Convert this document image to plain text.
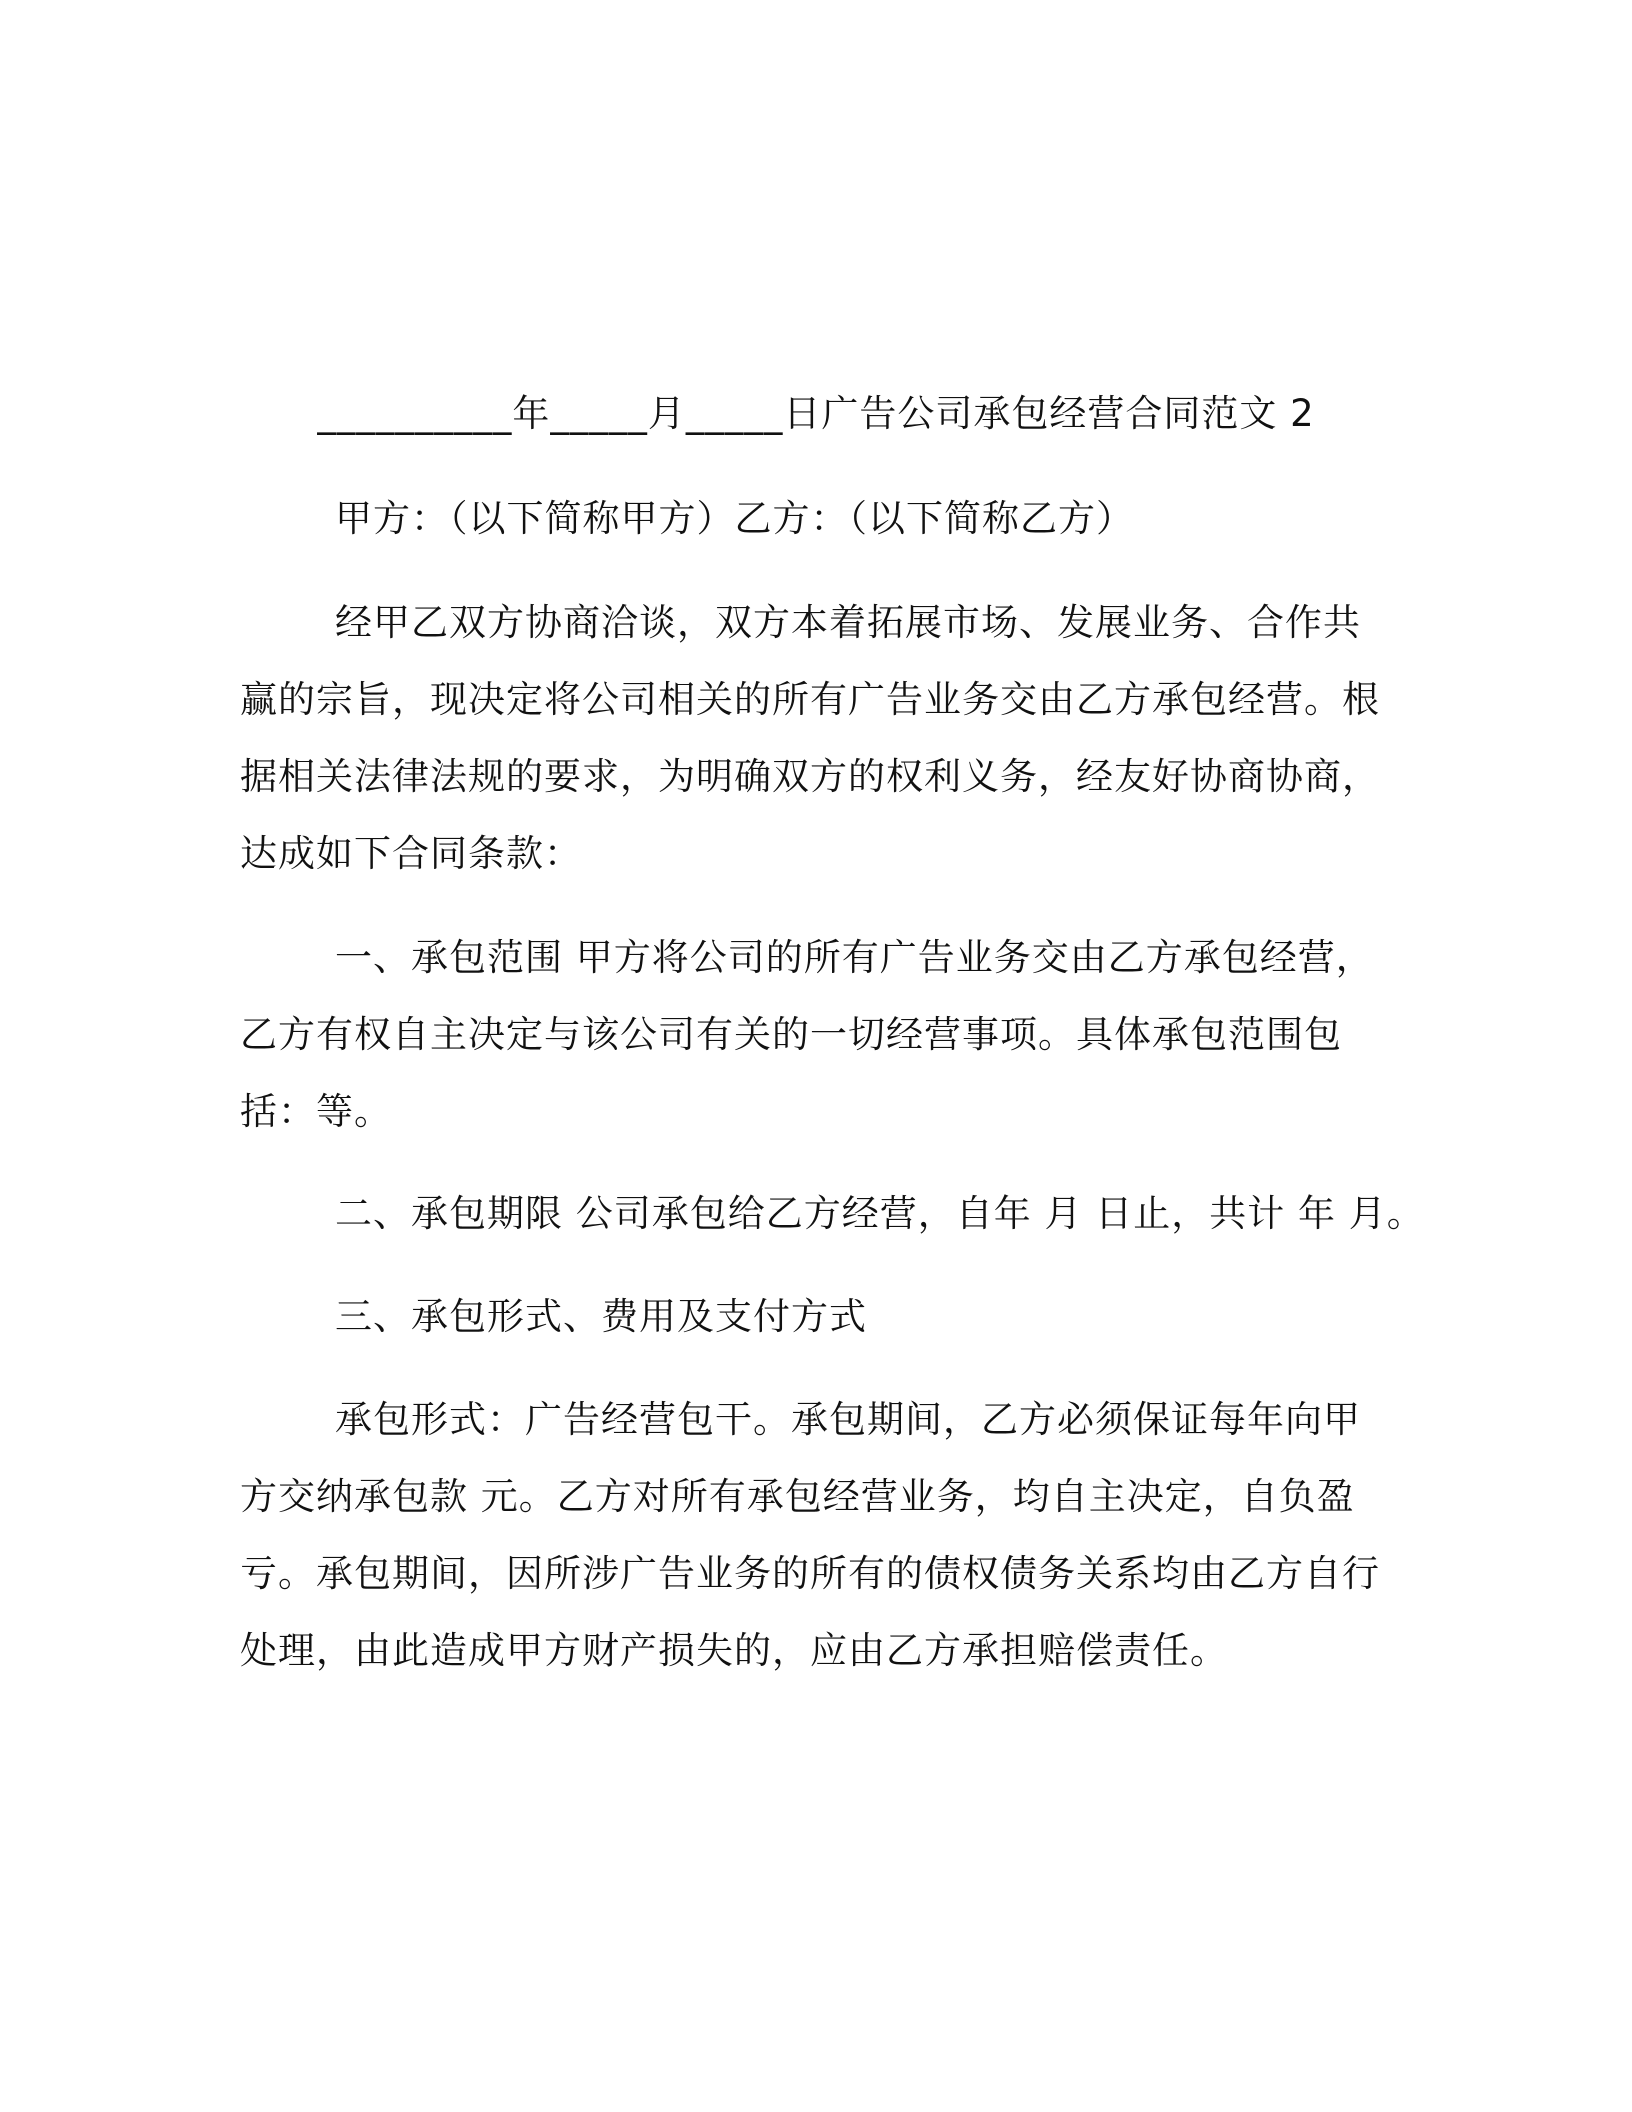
__________年_____月_____日广告公司承包经营合同范文 2
甲方：（以下简称甲方）乙方：（以下简称乙方）
经甲乙双方协商洽谈，双方本着拓展市场、发展业务、合作共赢的宗旨，现决定将公司相关的所有广告业务交由乙方承包经营。根据相关法律法规的要求，为明确双方的权利义务，经友好协商协商，达成如下合同条款：
一、承包范围 甲方将公司的所有广告业务交由乙方承包经营，乙方有权自主决定与该公司有关的一切经营事项。具体承包范围包括：等。
二、承包期限 公司承包给乙方经营，自年 月 日止，共计 年 月。
三、承包形式、费用及支付方式
承包形式：广告经营包干。承包期间，乙方必须保证每年向甲方交纳承包款 元。乙方对所有承包经营业务，均自主决定，自负盈亏。承包期间，因所涉广告业务的所有的债权债务关系均由乙方自行处理，由此造成甲方财产损失的，应由乙方承担赔偿责任。
